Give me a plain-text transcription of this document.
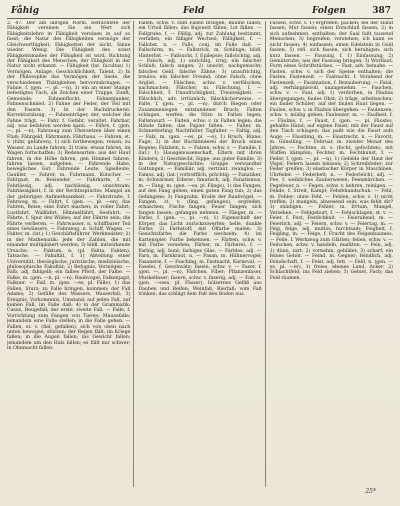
Fåhig	Feld	Folgen	387

2. 47. Der am übrigen Norm. betrachtete der Fähigkeit vereinen Sie ein Wert sich Fähigkeitslehre in Fähigkeit vereinen in auf so fasst; die Natur des Fähigkeiten vermöge der Gleichwerthigkeit, Fähigkeiten der nicht, Sinne wieder. Wenig. Die Fähigkeit des sonst Fähigkeitsmaßes der Fähigkeit ist wird. Richtung der Fähigkeit des Menschen, der Fähigkeit in der Natur nicht erkannt. — Fähigkeit (lat. facultas) 1) Vermögen, Anlage, Geschicklichkeit, Talent. 2) In der Philosophie das Vermögen der Seele, die verschiedenen Thätigkeiten hervorzubringen. — Fahne, f. (gen. —, pl. —n), 1) ein an einer Stange befestigtes Tuch, als Zeichen einer Truppe, Zunft, Gemeinde; Fahnenflucht, Fahnenjunker, Fahnenschmied. 2) Fahne der Feder, der Teil mit den Fasern. 3) In der Buchdruckerei: Korrekturabzug. — Fahnenträger, der, welcher die Fahne trägt. — Fahr, f. Gefahr, veraltet. Fahrbar, adj. was befahren werden kann. — Fähre, f. (gen. —, pl. —n), Fahrzeug zum Übersetzen über einen Fluß; Fährgeld, Fährmann, Fährhaus. — Fahren, st. v. (fuhr, gefahren), 1) sich fortbewegen, reisen; zu Wasser, zu Lande fahren; 2) trans. etwas fahren, im Wagen fortschaffen; 3) Redensarten: aus der Haut fahren, in die Höhe fahren, gen Himmel fahren; fahren lassen, aufgeben. — Fahrende Habe, bewegliches Gut. Fahrende Leute, Spielleute, Gaukler. — Fahrer, m. Fuhrmann, Kutscher. — Fahrgast, m. Reisender. — Fahrkarte, f. — Fahrlässig, adj. nachlässig, unachtsam; Fahrlässigkeit, f. in der Rechtssprache: Mangel an der gehörigen Aufmerksamkeit. — Fahrstraße, f. Fahrweg, m. — Fahrt, f. (gen. —, pl. —en), das Fahren, Reise; eine Fahrt machen; in voller Fahrt; Lustfahrt, Wallfahrt, Himmelfahrt, Seefahrt. — Fährte, f. Spur des Wildes; auf der Fährte sein; die Fährte verlieren. — Fahrwasser, n. schiffbarer Teil eines Gewässers. — Fahrzeug, n. Schiff, Wagen. — Faktor, m. (lat.) 1) Geschäftsführer, Werkmeister; 2) in der Mathematik: jede der Zahlen, die mit einander multipliziert werden; 3) bildl. mitwirkende Ursache. — Faktum, n. (pl. Fakta, Fakten), Tatsache. — Fakultät, f. 1) Abteilung einer Universität, theologische, juristische, medizinische, philosophische Fakultät; 2) Befugnis, Vermögen. — Falb, adj. fahlgelb; ein falbes Pferd, der Falbe. — Falke, m. (gen. —n, pl. —n), Raubvogel; Falkenjagd, Falkner. — Fall, m. (gen. —es, pl. Fälle), 1) das Fallen, Sturz; zu Falle bringen, kommen; der Fall Adams; 2) Gefälle des Wassers, Wasserfall; 3) Ereignis, Vorkommnis, Umstand; auf jeden Fall, auf keinen Fall, im Falle daß; 4) in der Grammatik: Casus, Beugefall; der erste, zweite Fall. — Falle, f. Vorrichtung zum Fangen von Tieren; Mausefalle; jemandem eine Falle stellen; in die Falle gehen. — Fallen, st. v. (fiel, gefallen), sich von oben nach unten bewegen, stürzen; der Regen fällt; im Kriege fallen; in die Augen fallen; ins Gewicht fallen; jemandem um den Hals fallen; es fällt mir schwer; in Ohnmacht fallen.

Fällen, schw. v. zum Fallen bringen; Bäume fällen; ein Urteil fällen; das Bajonett fällen; Lot fällen. — Fallgrube, f. — Fällig, adj. zur Zahlung bestimmt, verfallen; ein fälliger Wechsel; Fälligkeit, f. — Fallobst, n. — Falls, conj. im Falle daß. — Fallschirm, m. — Fallstrick, m. Schlinge; bildl. Hinterlist. — Fallsucht, f. Epilepsie; fallsüchtig, adj. — Falsch, adj. 1) unrichtig, irrig; ein falscher Schluß; falsch singen; 2) unecht, nachgemacht; falsches Geld, falsche Zähne; 3) unaufrichtig, treulos; ein falscher Freund; ohne Falsch, ohne Arglist. — Fälschen, schw. v. verfälschen, nachmachen; Fälscher, m. Fälschung, f. — Falschheit, f. Unaufrichtigkeit, Treulosigkeit. — Fälschlich, adv. irrtümlich; fälschlicherweise. — Falte, f. (gen. —, pl. —n), durch Biegen oder Zusammenlegen entstandener Bruch; Falten schlagen, werfen; die Stirn in Falten legen; Faltenwurf. — Falten, schw. v. in Falten legen; die Hände falten; das Papier falten. — Falter, m. Schmetterling; Nachtfalter, Tagfalter. — Faltig, adj. — Falz, m. (gen. —es, pl. —e), 1) Bruch, Rinne, Fuge; 2) in der Buchbinderei der Bruch eines Bogens; Falzbein, n. — Falzen, schw. v. — Familie, f. (lat.) 1) Hausgenossenschaft, Eltern mit ihren Kindern; 2) Geschlecht, Sippe; aus guter Familie; 3) in der Naturgeschichte: Gruppe verwandter Gattungen. — Familiär, adj. vertraut, zwanglos. — Famos, adj. (lat.) vortrefflich, prächtig. — Fanatiker, m. Schwärmer, Eiferer; fanatisch, adj. Fanatismus, m. — Fang, m. (gen. —es, pl. Fänge), 1) das Fangen; auf den Fang gehen; einen guten Fang tun; 2) das Gefangene; 3) Fangzahn, Kralle der Raubvögel. — Fangen, st. v. (fing, gefangen), ergreifen, erhaschen; Fische fangen; Feuer fangen; sich fangen lassen; gefangen nehmen. — Fänger, m. — Farbe, f. (gen. —, pl. —n), 1) Eigenschaft der Körper, das Licht zurückzuwerfen; helle, dunkle Farbe; 2) Farbstoff; mit Ölfarbe malen; 3) Gesichtsfarbe; die Farbe wechseln; 4) im Kartenspiel; Farbe bekennen. — Färben, schw. v. mit Farbe versehen; Färber, m. Färberei, f. — Farbig, adj. bunt; farbiges Glas. — Farblos, adj. — Farn, m. Farnkraut, n. — Fasan, m. Hühnervogel; Fasanerie, f. — Fasching, m. Fastnacht, Karneval. — Faselei, f. Geschwätz; faseln, schw. v. — Faser, f. (gen. —, pl. —n), Fädchen, Fiber; Pflanzenfaser, Muskelfaser; fasern, schw. v. faserig, adj. — Faß, n. (gen. —sses, pl. Fässer), hölzernes Gefäß aus Dauben und Reifen; Weinfaß, Bierfaß; vom Faß trinken; das schlägt dem Faß den Boden aus.

Fassen, schw. v. 1) ergreifen, packen; bei der Hand fassen; Mut fassen; einen Entschluß fassen; 2) in sich aufnehmen, enthalten; der Saal faßt tausend Menschen; 3) begreifen, verstehen; ich kann es nicht fassen; 4) einfassen; einen Edelstein in Gold fassen; 5) refl. sich fassen, sich beruhigen; sich kurz fassen. — Fassung, f. 1) Einfassung; 2) Gemütsruhe; aus der Fassung bringen; 3) Wortlaut, Form eines Schriftstückes. — Fast, adv. beinahe. — Fasten, schw. v. sich der Speise enthalten; die Fasten, Fastenzeit. — Fastnacht, f. Vorabend der Fastenzeit. — Faszination, f. Bezauberung. — Fatal, adj. verhängnisvoll, unangenehm. — Fauchen, schw. v. — Faul, adj. 1) verdorben, in Fäulnis übergegangen; faules Obst; 2) träge, arbeitsscheu; ein fauler Schüler; auf der faulen Haut liegen. — Faulen, schw. v. in Fäulnis übergehen. — Faulenzen, schw. v. müßig gehen; Faulenzer, m. — Faulheit, f. — Fäulnis, f. — Faust, f. (gen. —, pl. Fäuste), geballte Hand; auf eigene Faust; mit der Faust auf den Tisch schlagen; das paßt wie die Faust aufs Auge. — Fäustling, m. — Faustrecht, n. — Favorit, m. Günstling. — Februar, m. zweiter Monat des Jahres. — Fechten, st. v. (focht, gefochten), mit Waffen kämpfen; Fechter, m. Fechtkunst, f. — Feder, f. (gen. —, pl. —n), 1) Gebilde der Haut der Vögel; Federn lassen müssen; 2) Schreibfeder; zur Feder greifen; 3) elastischer Körper in Maschinen, Uhrfeder. — Federbett, n. — Federleicht, adj. — Fee, f. weibliches Zauberwesen; Feenmärchen. — Fegefeuer, n. — Fegen, schw. v. kehren, reinigen. — Fehde, f. Streit, Kampf; Fehdehandschuh. — Fehl, m. Fehler; ohne Fehl. — Fehlen, schw. v. 1) nicht treffen; 2) mangeln, abwesend sein; was fehlt dir? 3) sündigen. — Fehler, m. Irrtum, Mangel, Versehen. — Fehlgeburt, f. — Fehlschlagen, st. v. — Feier, f. Fest, Festlichkeit. — Feierabend, m. — Feierlich, adj. — Feiern, schw. v. — Feiertag, m. — Feig, feige, adj. mutlos, furchtsam; Feigheit, f. Feigling, m. — Feige, f. Frucht des Feigenbaumes. — Feile, f. Werkzeug zum Glätten; feilen, schw. v. — Feilschen, schw. v. handeln, markten. — Fein, adj. 1) dünn, zart; 2) vornehm, gebildet; 3) scharf; ein feines Gehör. — Feind, m. Gegner; feindlich, adj. Feindschaft, f. — Feist, adj. fett. — Feld, n. (gen. —es, pl. —er), 1) freies, ebenes Land, Acker; 2) Schlachtfeld; ins Feld ziehen; 3) Gebiet, Fach; das Feld räumen.

25*
